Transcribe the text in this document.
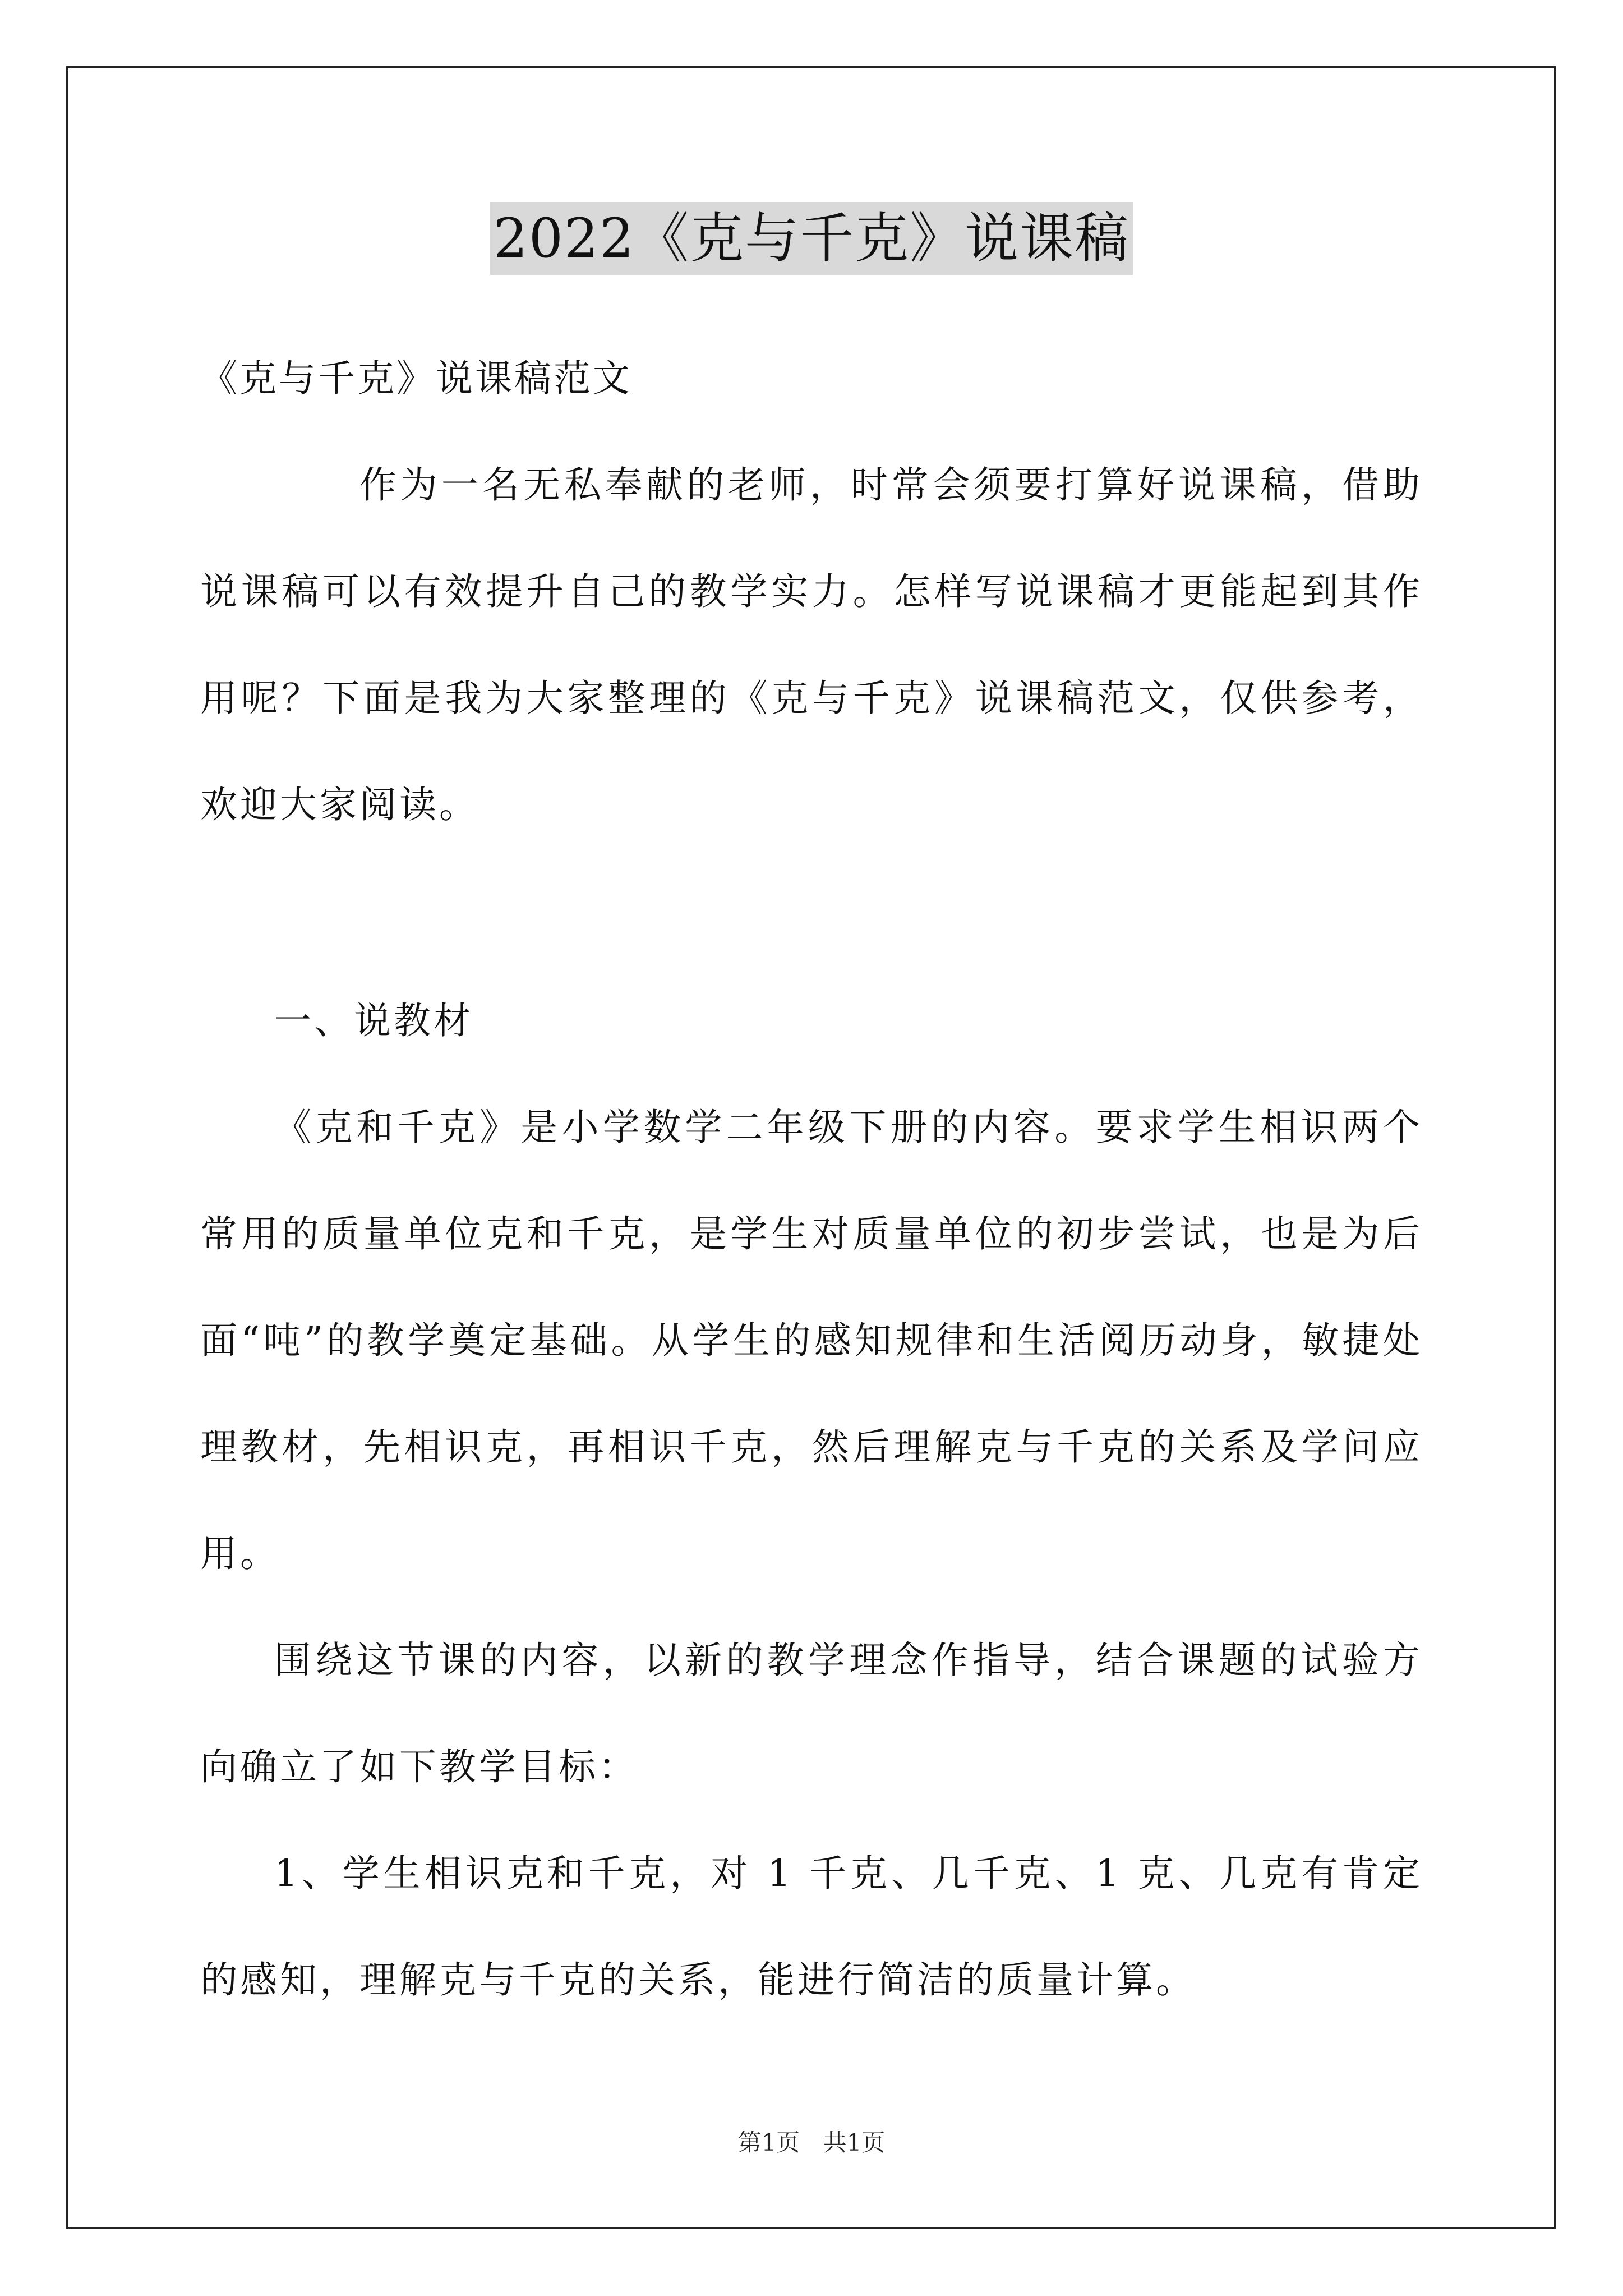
2022《克与千克》说课稿
《克与千克》说课稿范文

作为一名无私奉献的老师，时常会须要打算好说课稿，借助说课稿可以有效提升自己的教学实力。怎样写说课稿才更能起到其作用呢？下面是我为大家整理的《克与千克》说课稿范文，仅供参考，欢迎大家阅读。

一、说教材

《克和千克》是小学数学二年级下册的内容。要求学生相识两个常用的质量单位克和千克，是学生对质量单位的初步尝试，也是为后面“吨”的教学奠定基础。从学生的感知规律和生活阅历动身，敏捷处理教材，先相识克，再相识千克，然后理解克与千克的关系及学问应用。

围绕这节课的内容，以新的教学理念作指导，结合课题的试验方向确立了如下教学目标：

1、学生相识克和千克，对 1 千克、几千克、1 克、几克有肯定的感知，理解克与千克的关系，能进行简洁的质量计算。

第1页 共1页
